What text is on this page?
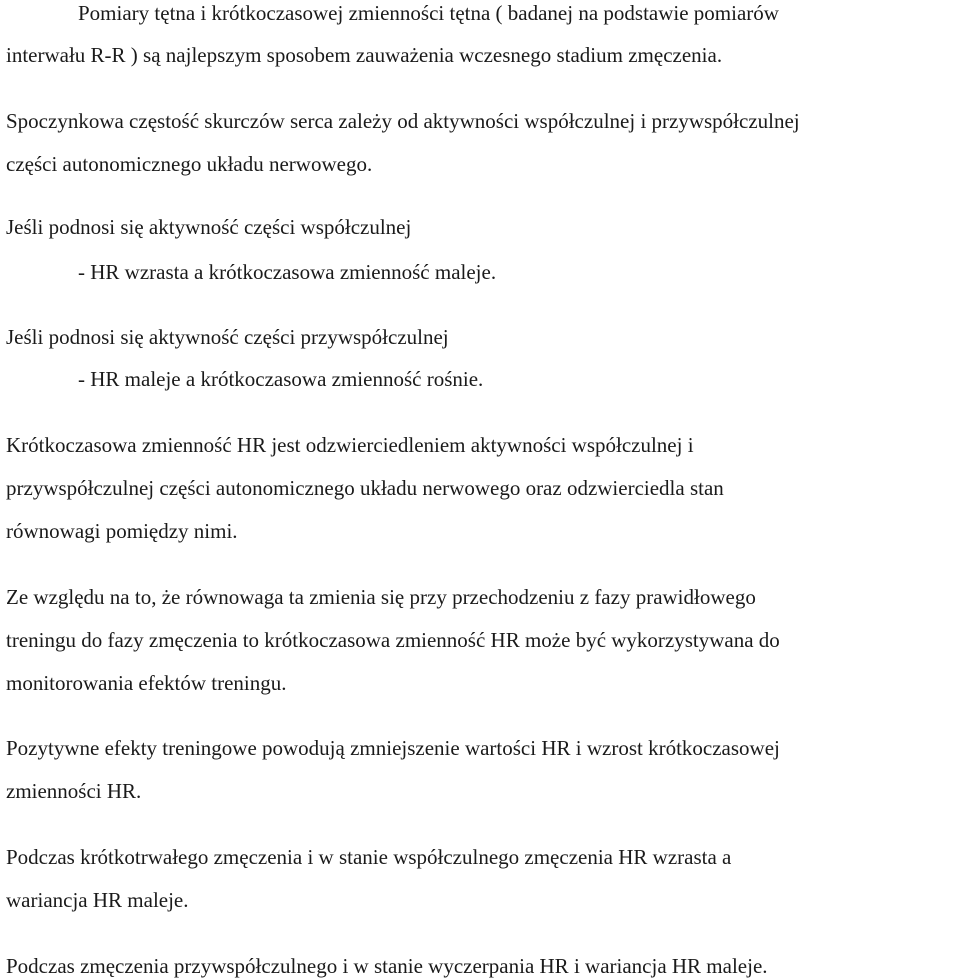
Pomiary tętna i krótkoczasowej zmienności tętna ( badanej na podstawie pomiarów
interwału R-R ) są najlepszym sposobem zauważenia wczesnego stadium zmęczenia.
Spoczynkowa częstość skurczów serca zależy od aktywności współczulnej i przywspółczulnej
części autonomicznego układu nerwowego.
Jeśli podnosi się aktywność części współczulnej
- HR wzrasta a krótkoczasowa zmienność maleje.
Jeśli podnosi się aktywność części przywspółczulnej
- HR maleje a krótkoczasowa zmienność rośnie.
Krótkoczasowa zmienność HR jest odzwierciedleniem aktywności współczulnej i
przywspółczulnej części autonomicznego układu nerwowego oraz odzwierciedla stan
równowagi pomiędzy nimi.
Ze względu na to, że równowaga ta zmienia się przy przechodzeniu z fazy prawidłowego
treningu do fazy zmęczenia to krótkoczasowa zmienność HR może być wykorzystywana do
monitorowania efektów treningu.
Pozytywne efekty treningowe powodują zmniejszenie wartości HR i wzrost krótkoczasowej
zmienności HR.
Podczas krótkotrwałego zmęczenia i w stanie współczulnego zmęczenia HR wzrasta a
wariancja HR maleje.
Podczas zmęczenia przywspółczulnego i w stanie wyczerpania HR i wariancja HR maleje.
